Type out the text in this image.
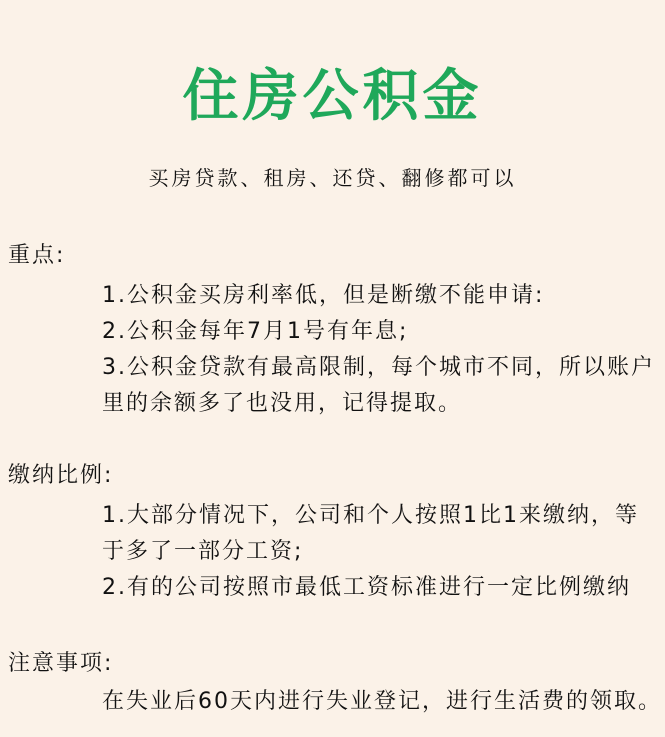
住房公积金
买房贷款、租房、还贷、翻修都可以
重点:
1.公积金买房利率低，但是断缴不能申请:
2.公积金每年7月1号有年息;
3.公积金贷款有最高限制，每个城市不同，所以账户
里的余额多了也没用，记得提取。
缴纳比例:
1.大部分情况下，公司和个人按照1比1来缴纳，等
于多了一部分工资;
2.有的公司按照市最低工资标准进行一定比例缴纳
注意事项:
在失业后60天内进行失业登记，进行生活费的领取。
